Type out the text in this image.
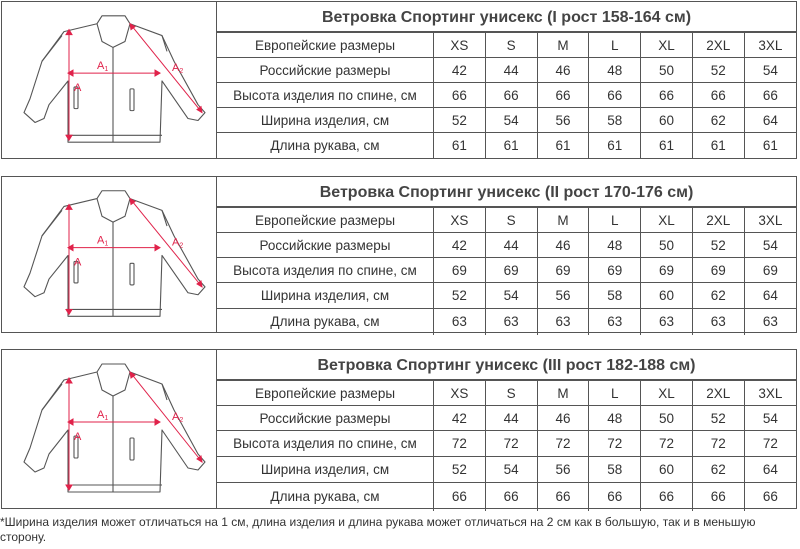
A1
A
A2
Ветровка Спортинг унисекс (I рост 158-164 см)
Европейские размеры	XS	S	M	L	XL	2XL	3XL
Российские размеры	42	44	46	48	50	52	54
Высота изделия по спине, см	66	66	66	66	66	66	66
Ширина изделия, см	52	54	56	58	60	62	64
Длина рукава, см	61	61	61	61	61	61	61
A1
A
A2
Ветровка Спортинг унисекс (II рост 170-176 см)
Европейские размеры	XS	S	M	L	XL	2XL	3XL
Российские размеры	42	44	46	48	50	52	54
Высота изделия по спине, см	69	69	69	69	69	69	69
Ширина изделия, см	52	54	56	58	60	62	64
Длина рукава, см	63	63	63	63	63	63	63
A1
A
A2
Ветровка Спортинг унисекс (III рост 182-188 см)
Европейские размеры	XS	S	M	L	XL	2XL	3XL
Российские размеры	42	44	46	48	50	52	54
Высота изделия по спине, см	72	72	72	72	72	72	72
Ширина изделия, см	52	54	56	58	60	62	64
Длина рукава, см	66	66	66	66	66	66	66
*Ширина изделия может отличаться на 1 см, длина изделия и длина рукава может отличаться на 2 см как в большую, так и в меньшую сторону.
